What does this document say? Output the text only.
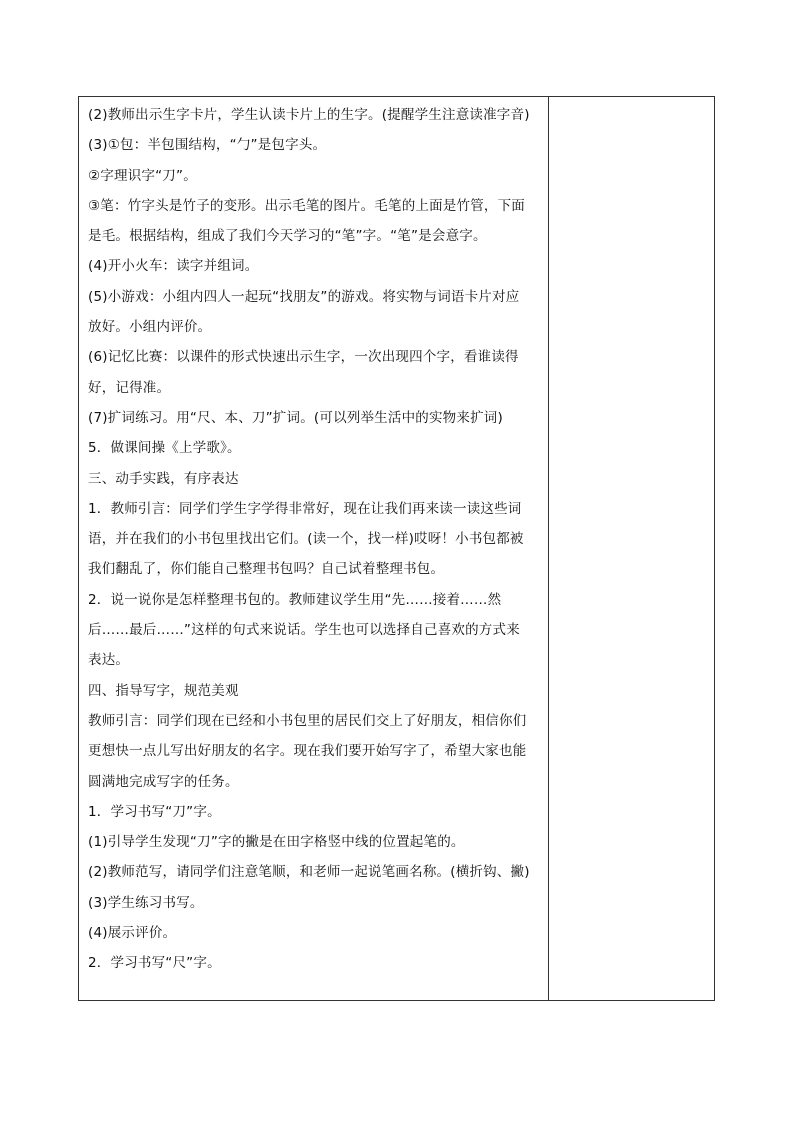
(2)教师出示生字卡片，学生认读卡片上的生字。(提醒学生注意读准字音)

(3)①包：半包围结构，“勹”是包字头。

②字理识字“刀”。

③笔：竹字头是竹子的变形。出示毛笔的图片。毛笔的上面是竹管，下面

是毛。根据结构，组成了我们今天学习的“笔”字。“笔”是会意字。

(4)开小火车：读字并组词。

(5)小游戏：小组内四人一起玩“找朋友”的游戏。将实物与词语卡片对应

放好。小组内评价。

(6)记忆比赛：以课件的形式快速出示生字，一次出现四个字，看谁读得

好，记得准。

(7)扩词练习。用“尺、本、刀”扩词。(可以列举生活中的实物来扩词)

5．做课间操《上学歌》。

三、动手实践，有序表达

1．教师引言：同学们学生字学得非常好，现在让我们再来读一读这些词

语，并在我们的小书包里找出它们。(读一个，找一样)哎呀！小书包都被

我们翻乱了，你们能自己整理书包吗？自己试着整理书包。

2．说一说你是怎样整理书包的。教师建议学生用“先……接着……然

后……最后……”这样的句式来说话。学生也可以选择自己喜欢的方式来

表达。

四、指导写字，规范美观

教师引言：同学们现在已经和小书包里的居民们交上了好朋友，相信你们

更想快一点儿写出好朋友的名字。现在我们要开始写字了，希望大家也能

圆满地完成写字的任务。

1．学习书写“刀”字。

(1)引导学生发现“刀”字的撇是在田字格竖中线的位置起笔的。

(2)教师范写，请同学们注意笔顺，和老师一起说笔画名称。(横折钩、撇)

(3)学生练习书写。

(4)展示评价。

2．学习书写“尺”字。
